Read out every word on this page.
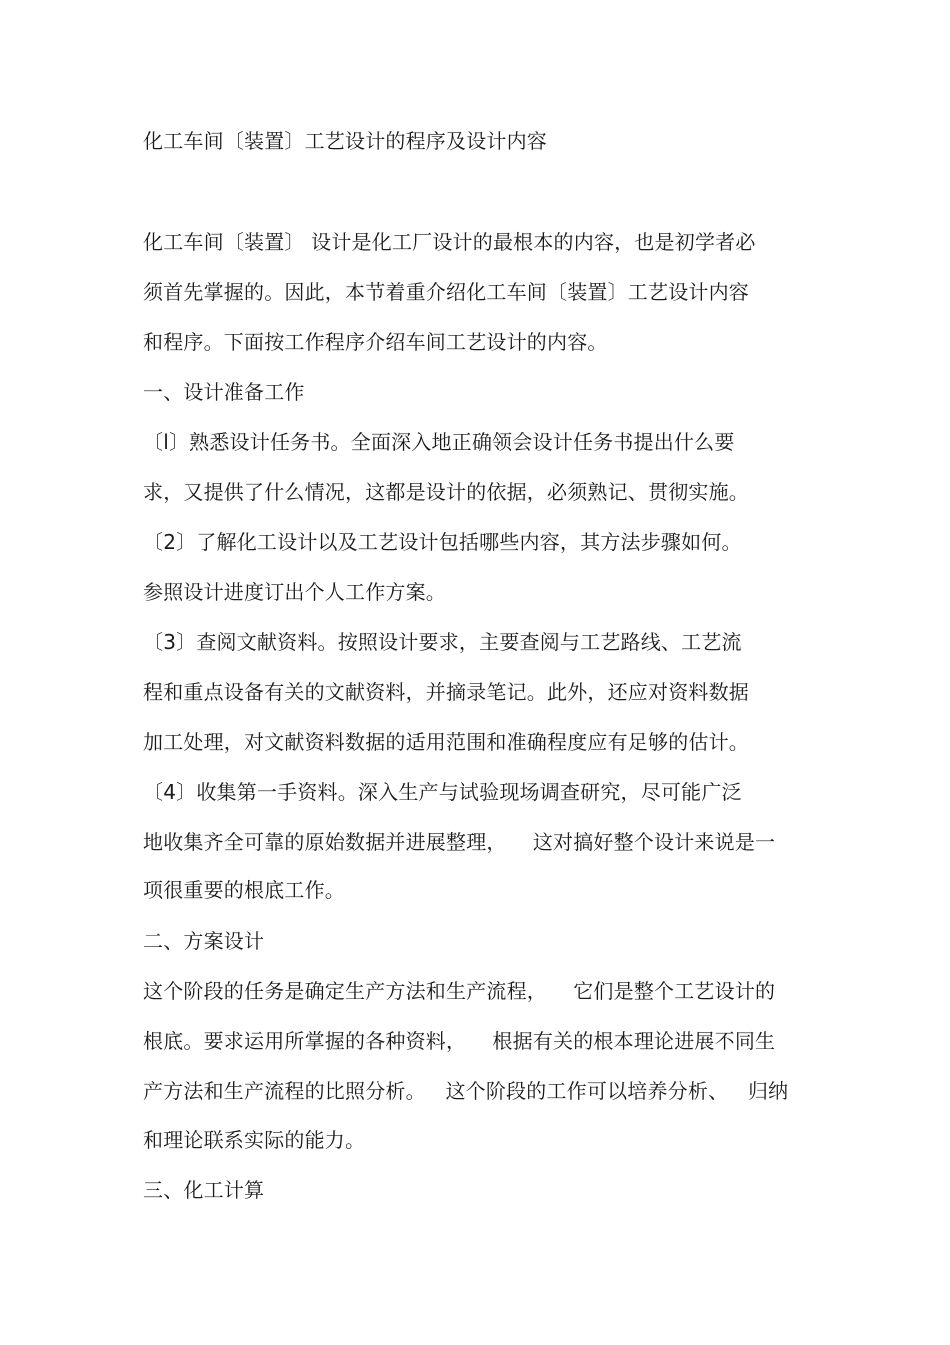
化工车间〔装置〕工艺设计的程序及设计内容
化工车间〔装置〕 设计是化工厂设计的最根本的内容，也是初学者必
须首先掌握的。因此，本节着重介绍化工车间〔装置〕工艺设计内容
和程序。下面按工作程序介绍车间工艺设计的内容。
一、设计准备工作
〔l〕熟悉设计任务书。全面深入地正确领会设计任务书提出什么要
求，又提供了什么情况，这都是设计的依据，必须熟记、贯彻实施。
〔2〕了解化工设计以及工艺设计包括哪些内容，其方法步骤如何。
参照设计进度订出个人工作方案。
〔3〕查阅文献资料。按照设计要求，主要查阅与工艺路线、工艺流
程和重点设备有关的文献资料，并摘录笔记。此外，还应对资料数据
加工处理，对文献资料数据的适用范围和准确程度应有足够的估计。
〔4〕收集第一手资料。深入生产与试验现场调查研究，尽可能广泛
地收集齐全可靠的原始数据并进展整理，    这对搞好整个设计来说是一
项很重要的根底工作。
二、方案设计
这个阶段的任务是确定生产方法和生产流程，    它们是整个工艺设计的
根底。要求运用所掌握的各种资料，    根据有关的根本理论进展不同生
产方法和生产流程的比照分析。   这个阶段的工作可以培养分析、   归纳
和理论联系实际的能力。
三、化工计算
